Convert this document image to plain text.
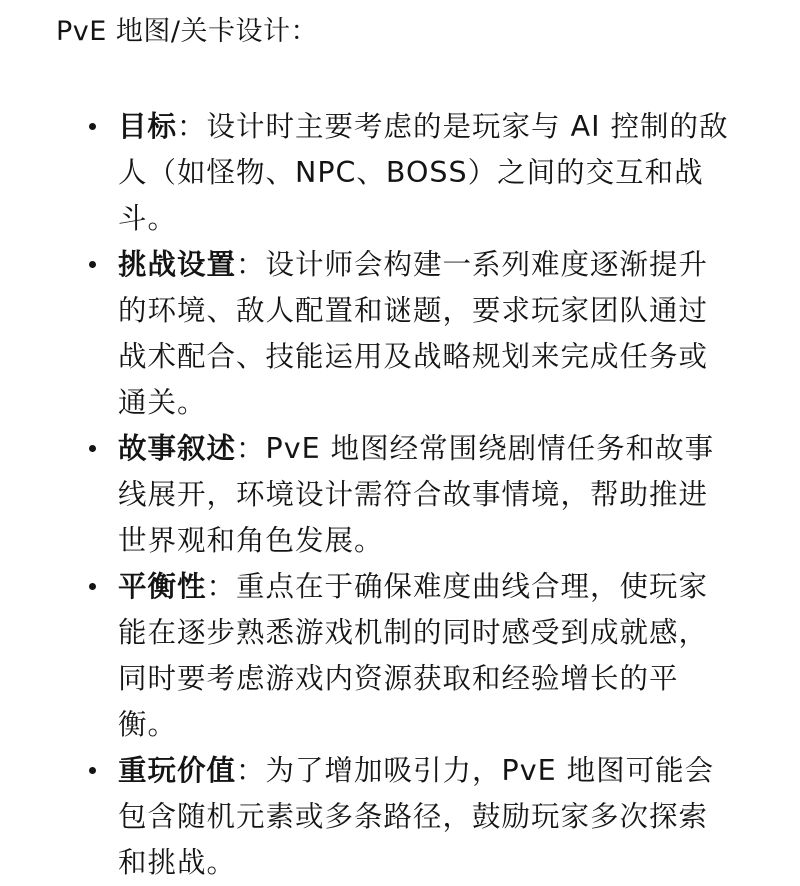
PvE 地图/关卡设计：
目标：设计时主要考虑的是玩家与 AI 控制的敌人（如怪物、NPC、BOSS）之间的交互和战斗。
挑战设置：设计师会构建一系列难度逐渐提升的环境、敌人配置和谜题，要求玩家团队通过战术配合、技能运用及战略规划来完成任务或通关。
故事叙述：PvE 地图经常围绕剧情任务和故事线展开，环境设计需符合故事情境，帮助推进世界观和角色发展。
平衡性：重点在于确保难度曲线合理，使玩家能在逐步熟悉游戏机制的同时感受到成就感，同时要考虑游戏内资源获取和经验增长的平衡。
重玩价值：为了增加吸引力，PvE 地图可能会包含随机元素或多条路径，鼓励玩家多次探索和挑战。
